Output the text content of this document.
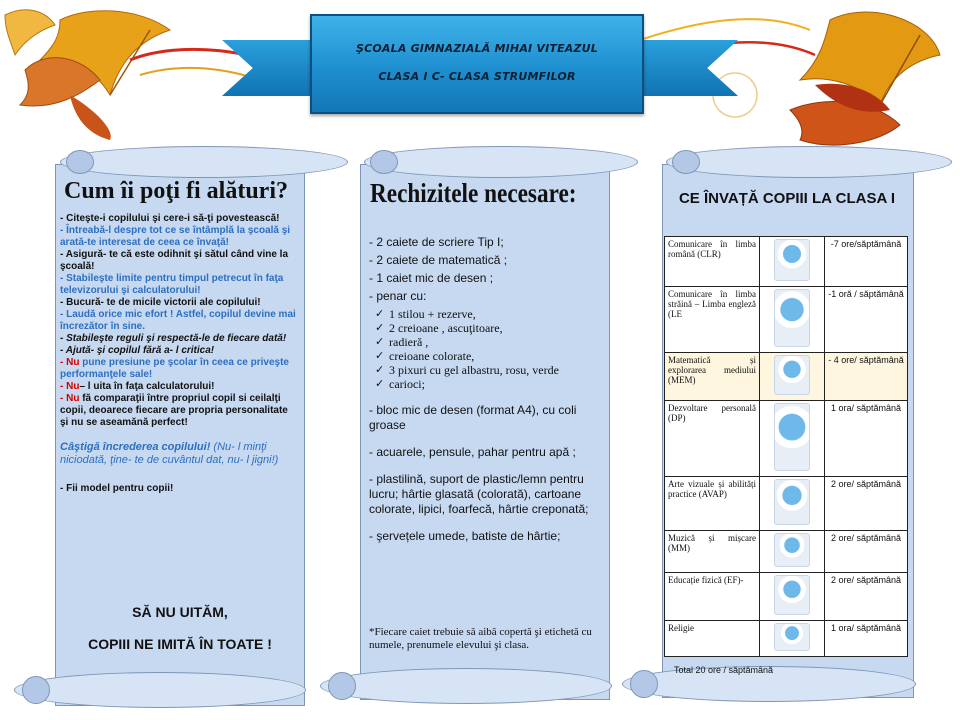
ŞCOALA GIMNAZIALĂ MIHAI VITEAZUL
CLASA I C- CLASA STRUMFILOR
Cum îi poţi fi alături?

- Citeşte-i copilului şi cere-i să-ţi povestească!

- Întreabă-l despre tot ce se întâmplă la şcoală şi arată-te interesat de ceea ce învaţă!

- Asigură- te că este odihnit şi sătul când vine la şcoală!

- Stabileşte limite pentru timpul petrecut în faţa televizorului şi calculatorului!

- Bucură- te de micile victorii ale copilului!

- Laudă orice mic efort ! Astfel, copilul devine mai încrezător în sine.

- Stabileşte reguli şi respectă-le de fiecare dată!

- Ajută- şi copilul fără a- l critica!

- Nu pune presiune pe şcolar în ceea ce priveşte performanţele sale!

- Nu– l uita în faţa calculatorului!

- Nu fă comparaţii între propriul copil si ceilalţi copii, deoarece fiecare are propria personalitate şi nu se aseamănă perfect!

Câştigă încrederea copilului! (Nu- l minţi niciodată, ţine- te de cuvântul dat, nu- l jigni!)

- Fii model pentru copii!

SĂ NU UITĂM,
COPIII NE IMITĂ ÎN TOATE !
Rechizitele necesare:
- 2 caiete de scriere Tip I;
- 2 caiete de matematică ;
- 1 caiet mic de desen ;
- penar cu:
✓ 1 stilou + rezerve,
✓ 2 creioane , ascuţitoare,
✓ radieră ,
✓ creioane colorate,
✓ 3 pixuri cu gel albastru, rosu, verde
✓ carioci;
- bloc mic de desen (format A4), cu coli groase
- acuarele, pensule, pahar pentru apă ;
- plastilină, suport de plastic/lemn pentru lucru; hârtie glasată (colorată), cartoane colorate, lipici, foarfecă, hârtie creponată;
- şervețele umede, batiste de hârtie;
*Fiecare caiet trebuie să aibă copertă şi etichetă cu numele, prenumele elevului şi clasa.
CE ÎNVAȚĂ COPIII LA CLASA I
Comunicare în limba română (CLR)		-7 ore/săptămână
Comunicare în limba străină – Limba engleză (LE		-1 oră / săptămână
Matematică și explorarea mediului (MEM)		- 4 ore/ săptămână
Dezvoltare personală (DP)		1 ora/ săptămână
Arte vizuale și abilități practice (AVAP)		2 ore/ săptămână
Muzică și mișcare (MM)		2 ore/ săptămână
Educație fizică (EF)-		2 ore/ săptămână
Religie		1 ora/ săptămână
Total 20 ore / săptămână
